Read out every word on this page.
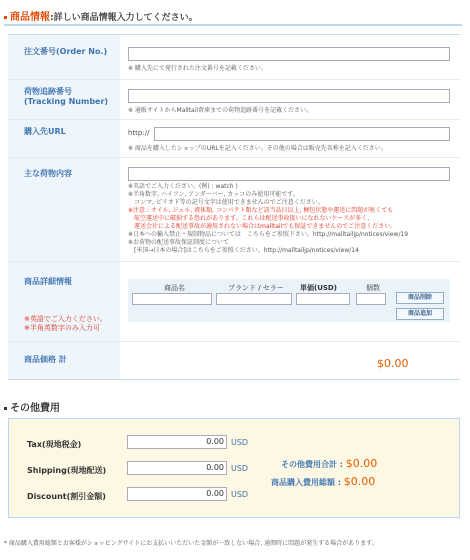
商品情報:詳しい商品情報入力してください。
注文番号(Order No.)
※ 購入先にて発行された注文番号を記載ください。
荷物追跡番号
(Tracking Number)
※ 通販サイトからMalltail倉庫までの荷物追跡番号を記載ください。
購入先URL	http://
※ 商品を購入したショップのURLを記入ください。その他の場合は販売先名称を記入ください。
主な荷物内容
※英語でご入力ください。(例) : watch )
※半角数字, ハイフン, アンダーバー, カッコのみ使用可能です。
　コンマ, ピリオド等の記号文字は使用できませんのでご注意ください。
※注意 : オイル, ジェル, 液体類, コンパクト類など該当品目以上, 梱包状態や運送に問題が無くても
　航空運送中に破損する恐れがあります。これらは配送事故扱いになれないケースが多く,
　運送会社による配送事故が適用されない場合はmalltailでも保証できませんのでご注意ください。
※日本への輸入禁止・規制物品については　こちらをご参照下さい。http://malltailjp/notices/view/19
※お荷物の配送事故保証制度について
　[米国→日本の場合]はこちらをご参照ください。http://malltailjp/notices/view/14
商品詳細情報
※英語でご入力ください。
※半角英数字のみ入力可
商品名	ブランド / セラー 単価(USD)	個数
商品削除
商品追加
商品価格 計	$0.00
その他費用
Tax(現地税金)	0.00 USD
Shipping(現地配送)	0.00 USD
Discount(割引金額)	0.00 USD
その他費用合計 : $0.00
商品購入費用総額 : $0.00
* 商品購入費用総額とお客様がショッピングサイトにお支払いいただいた金額が一致しない場合, 通関時に問題が発生する場合があります。
